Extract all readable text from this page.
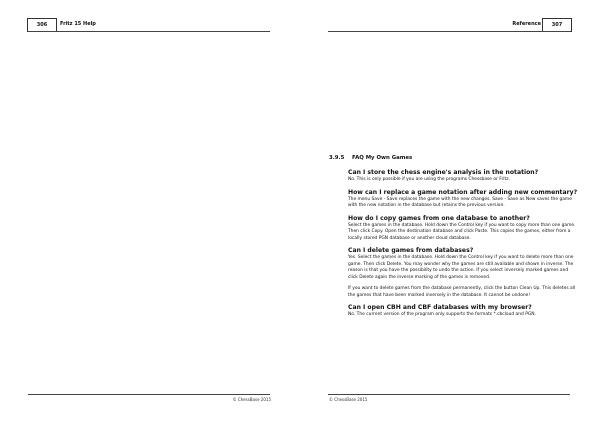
306	Fritz 15 Help
© ChessBase 2015
Reference	307
© ChessBase 2015
3.9.5 FAQ My Own Games
Can I store the chess engine's analysis in the notation?
No. This is only possible if you are using the programs Chessbase or Fritz.
How can I replace a game notation after adding new commentary?
The menu Save - Save replaces the game with the new changes. Save - Save as New saves the game with the new notation in the database but retains the previous version.
How do I copy games from one database to another?
Select the games in the database. Hold down the Control key if you want to copy more than one game. Then click Copy. Open the destination database and click Paste. This copies the games, either from a locally stored PGN database or another cloud database.
Can I delete games from databases?
Yes. Select the games in the database. Hold down the Control key if you want to delete more than one game. Then click Delete. You may wonder why the games are still available and shown in inverse. The reason is that you have the possibility to undo the action. If you select inversely marked games and click Delete again the inverse marking of the games is removed.
If you want to delete games from the database permanently, click the button Clean Up. This deletes all the games that have been marked inversely in the database. It cannot be undone!
Can I open CBH and CBF databases with my browser?
No. The current version of the program only supports the formats *.cbcloud and PGN.
